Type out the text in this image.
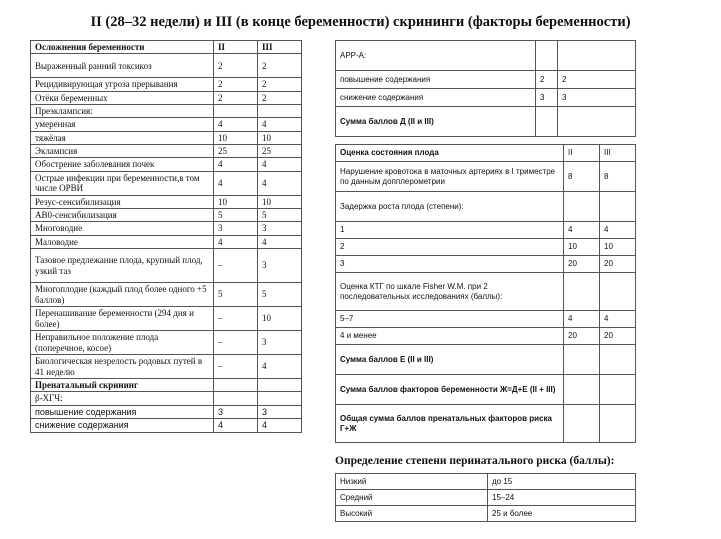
II (28–32 недели) и III (в конце беременности) скрининги (факторы беременности)
Осложнения беременности	II	III
Выраженный ранний токсикоз	2	2
Рецидивирующая угроза прерывания	2	2
Отёки беременных	2	2
Преэклампсия:		
умеренная	4	4
тяжёлая	10	10
Эклампсия	25	25
Обострение заболевания почек	4	4
Острые инфекции при беременности,в том числе ОРВИ	4	4
Резус-сенсибилизация	10	10
АВ0-сенсибилизация	5	5
Многоводие	3	3
Маловодие	4	4
Тазовое предлежание плода, крупный плод, узкий таз	–	3
Многоплодие (каждый плод более одного +5 баллов)	5	5
Перенашивание беременности (294 дня и более)	–	10
Неправильное положение плода (поперечное, косое)	–	3
Биологическая незрелость родовых путей в 41 неделю	–	4
Пренатальный скрининг		
β-ХГЧ:		
повышение содержания	3	3
снижение содержания	4	4
АРР-А:		
повышение содержания	2	2
снижение содержания	3	3
Сумма баллов Д (II и III)		
Оценка состояния плода	II	III
Нарушение кровотока в маточных артериях в I триместре по данным допплерометрии	8	8
Задержка роста плода (степени):		
1	4	4
2	10	10
3	20	20
Оценка КТГ по шкале Fisher W.M. при 2 последовательных исследованиях (баллы):		
5–7	4	4
4 и менее	20	20
Сумма баллов Е (II и III)		
Сумма баллов факторов беременности Ж=Д+Е (II + III)		
Общая сумма баллов пренатальных факторов риска Г+Ж		
Определение степени перинатального риска (баллы):
Низкий	до 15
Средний	15–24
Высокий	25 и более
